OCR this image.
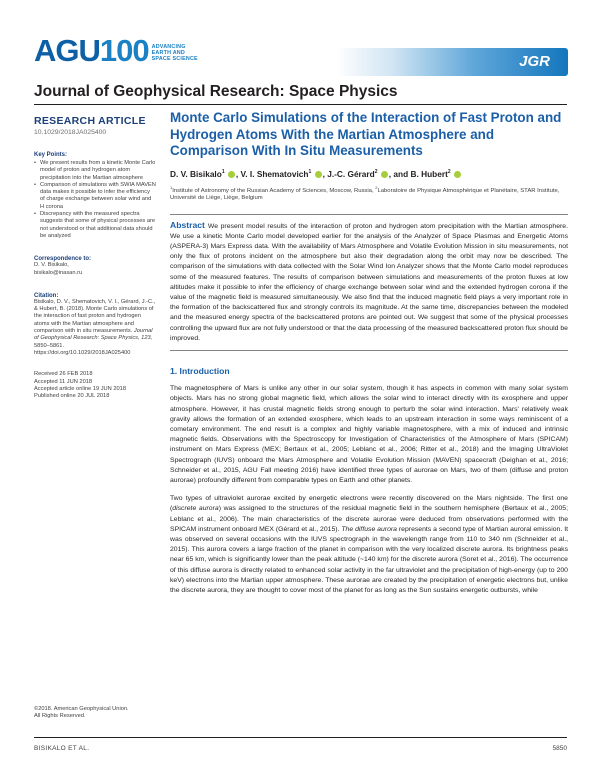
AGU100 ADVANCING
EARTH AND
SPACE SCIENCE	JGR
Journal of Geophysical Research: Space Physics
RESEARCH ARTICLE
10.1029/2018JA025400
Key Points:
• We present results from a kinetic Monte Carlo model of proton and hydrogen atom precipitation into the Martian atmosphere
• Comparison of simulations with SWIA MAVEN data makes it possible to infer the efficiency of charge exchange between solar wind and H corona
• Discrepancy with the measured spectra suggests that some of physical processes are not understood or that additional data should be analyzed
Correspondence to:
D. V. Bisikalo,
bisikalo@inasan.ru
Citation:
Bisikalo, D. V., Shematovich, V. I., Gérard, J.-C., & Hubert, B. (2018). Monte Carlo simulations of the interaction of fast proton and hydrogen atoms with the Martian atmosphere and comparison with in situ measurements. Journal of Geophysical Research: Space Physics, 123, 5850–5861. https://doi.org/10.1029/2018JA025400
Received 26 FEB 2018
Accepted 11 JUN 2018
Accepted article online 19 JUN 2018
Published online 20 JUL 2018
©2018. American Geophysical Union.
All Rights Reserved.
Monte Carlo Simulations of the Interaction of Fast Proton and Hydrogen Atoms With the Martian Atmosphere and Comparison With In Situ Measurements
D. V. Bisikalo$^1$ , V. I. Shematovich$^1$ , J.-C. Gérard$^2$ , and B. Hubert$^2$
$^1$Institute of Astronomy of the Russian Academy of Sciences, Moscow, Russia, $^2$Laboratoire de Physique Atmosphérique et Planétaire, STAR Institute, Université de Liège, Liège, Belgium

Abstract We present model results of the interaction of proton and hydrogen atom precipitation with the Martian atmosphere. We use a kinetic Monte Carlo model developed earlier for the analysis of the Analyzer of Space Plasmas and Energetic Atoms (ASPERA-3) Mars Express data. With the availability of Mars Atmosphere and Volatile Evolution Mission in situ measurements, not only the flux of protons incident on the atmosphere but also their degradation along the orbit may now be described. The comparison of the simulations with data collected with the Solar Wind Ion Analyzer shows that the Monte Carlo model reproduces some of the measured features. The results of comparison between simulations and measurements of the proton fluxes at low altitudes make it possible to infer the efficiency of charge exchange between solar wind and the extended hydrogen corona if the value of the magnetic field is measured simultaneously. We also find that the induced magnetic field plays a very important role in the formation of the backscattered flux and strongly controls its magnitude. At the same time, discrepancies between the modeled and the measured energy spectra of the backscattered protons are pointed out. We suggest that some of the physical processes controlling the upward flux are not fully understood or that the data processing of the measured backscattered proton flux should be improved.

1. Introduction

The magnetosphere of Mars is unlike any other in our solar system, though it has aspects in common with many solar system objects. Mars has no strong global magnetic field, which allows the solar wind to interact directly with its exosphere and upper atmosphere. However, it has crustal magnetic fields strong enough to perturb the solar wind interaction. Mars' relatively weak gravity allows the formation of an extended exosphere, which leads to an upstream interaction in some ways reminiscent of a cometary environment. The end result is a complex and highly variable magnetosphere, with a mix of induced and intrinsic magnetic fields. Observations with the Spectroscopy for Investigation of Characteristics of the Atmosphere of Mars (SPICAM) instrument on Mars Express (MEX; Bertaux et al., 2005; Leblanc et al., 2006; Ritter et al., 2018) and the Imaging UltraViolet Spectrograph (IUVS) onboard the Mars Atmosphere and Volatile Evolution Mission (MAVEN) spacecraft (Deighan et al., 2016; Schneider et al., 2015, AGU Fall meeting 2016) have identified three types of aurorae on Mars, two of them (diffuse and proton aurorae) profoundly different from comparable types on Earth and other planets.

Two types of ultraviolet aurorae excited by energetic electrons were recently discovered on the Mars nightside. The first one (discrete aurora) was assigned to the structures of the residual magnetic field in the southern hemisphere (Bertaux et al., 2005; Leblanc et al., 2006). The main characteristics of the discrete aurorae were deduced from observations performed with the SPICAM instrument onboard MEX (Gérard et al., 2015). The diffuse aurora represents a second type of Martian auroral emission. It was observed on several occasions with the IUVS spectrograph in the wavelength range from 110 to 340 nm (Schneider et al., 2015). This aurora covers a large fraction of the planet in comparison with the very localized discrete aurora. Its brightness peaks near 65 km, which is significantly lower than the peak altitude (~140 km) for the discrete aurora (Soret et al., 2016). The occurrence of this diffuse aurora is directly related to enhanced solar activity in the far ultraviolet and the precipitation of high-energy (up to 200 keV) electrons into the Martian upper atmosphere. These aurorae are created by the precipitation of energetic electrons but, unlike the discrete aurora, they are thought to cover most of the planet for as long as the Sun sustains energetic outbursts, while

BISIKALO ET AL.	5850
